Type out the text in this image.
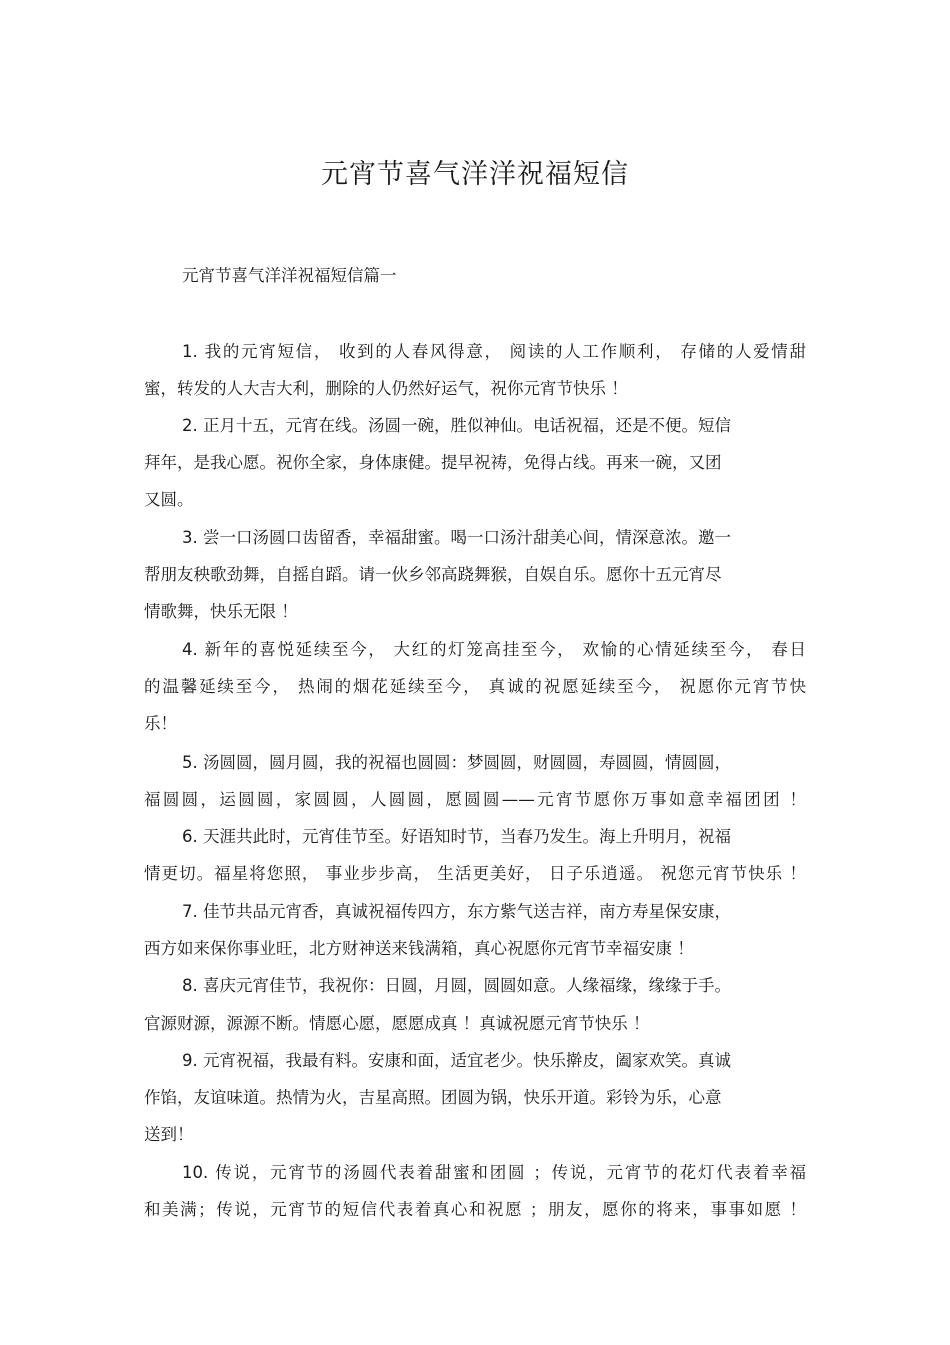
元宵节喜气洋洋祝福短信

元宵节喜气洋洋祝福短信篇一

1. 我的元宵短信， 收到的人春风得意， 阅读的人工作顺利， 存储的人爱情甜

蜜，转发的人大吉大利，删除的人仍然好运气，祝你元宵节快乐 ！

2. 正月十五，元宵在线。汤圆一碗，胜似神仙。电话祝福，还是不便。短信

拜年，是我心愿。祝你全家，身体康健。提早祝祷，免得占线。再来一碗，又团

又圆。

3. 尝一口汤圆口齿留香，幸福甜蜜。喝一口汤汁甜美心间，情深意浓。邀一

帮朋友秧歌劲舞，自摇自蹈。请一伙乡邻高跷舞猴，自娱自乐。愿你十五元宵尽

情歌舞，快乐无限 ！

4. 新年的喜悦延续至今， 大红的灯笼高挂至今， 欢愉的心情延续至今， 春日

的温馨延续至今， 热闹的烟花延续至今， 真诚的祝愿延续至今， 祝愿你元宵节快

乐！

5. 汤圆圆，圆月圆，我的祝福也圆圆：梦圆圆，财圆圆，寿圆圆，情圆圆，

福圆圆，运圆圆，家圆圆，人圆圆，愿圆圆——元宵节愿你万事如意幸福团团 ！

6. 天涯共此时，元宵佳节至。好语知时节，当春乃发生。海上升明月，祝福

情更切。福星将您照， 事业步步高， 生活更美好， 日子乐逍遥。 祝您元宵节快乐 ！

7. 佳节共品元宵香，真诚祝福传四方，东方紫气送吉祥，南方寿星保安康，

西方如来保你事业旺，北方财神送来钱满箱，真心祝愿你元宵节幸福安康 ！

8. 喜庆元宵佳节，我祝你：日圆，月圆，圆圆如意。人缘福缘，缘缘于手。

官源财源，源源不断。情愿心愿，愿愿成真 ！真诚祝愿元宵节快乐 ！

9. 元宵祝福，我最有料。安康和面，适宜老少。快乐擀皮，阖家欢笑。真诚

作馅，友谊味道。热情为火，吉星高照。团圆为锅，快乐开道。彩铃为乐，心意

送到！

10. 传说，元宵节的汤圆代表着甜蜜和团圆 ；传说，元宵节的花灯代表着幸福

和美满；传说，元宵节的短信代表着真心和祝愿 ；朋友，愿你的将来，事事如愿 ！
